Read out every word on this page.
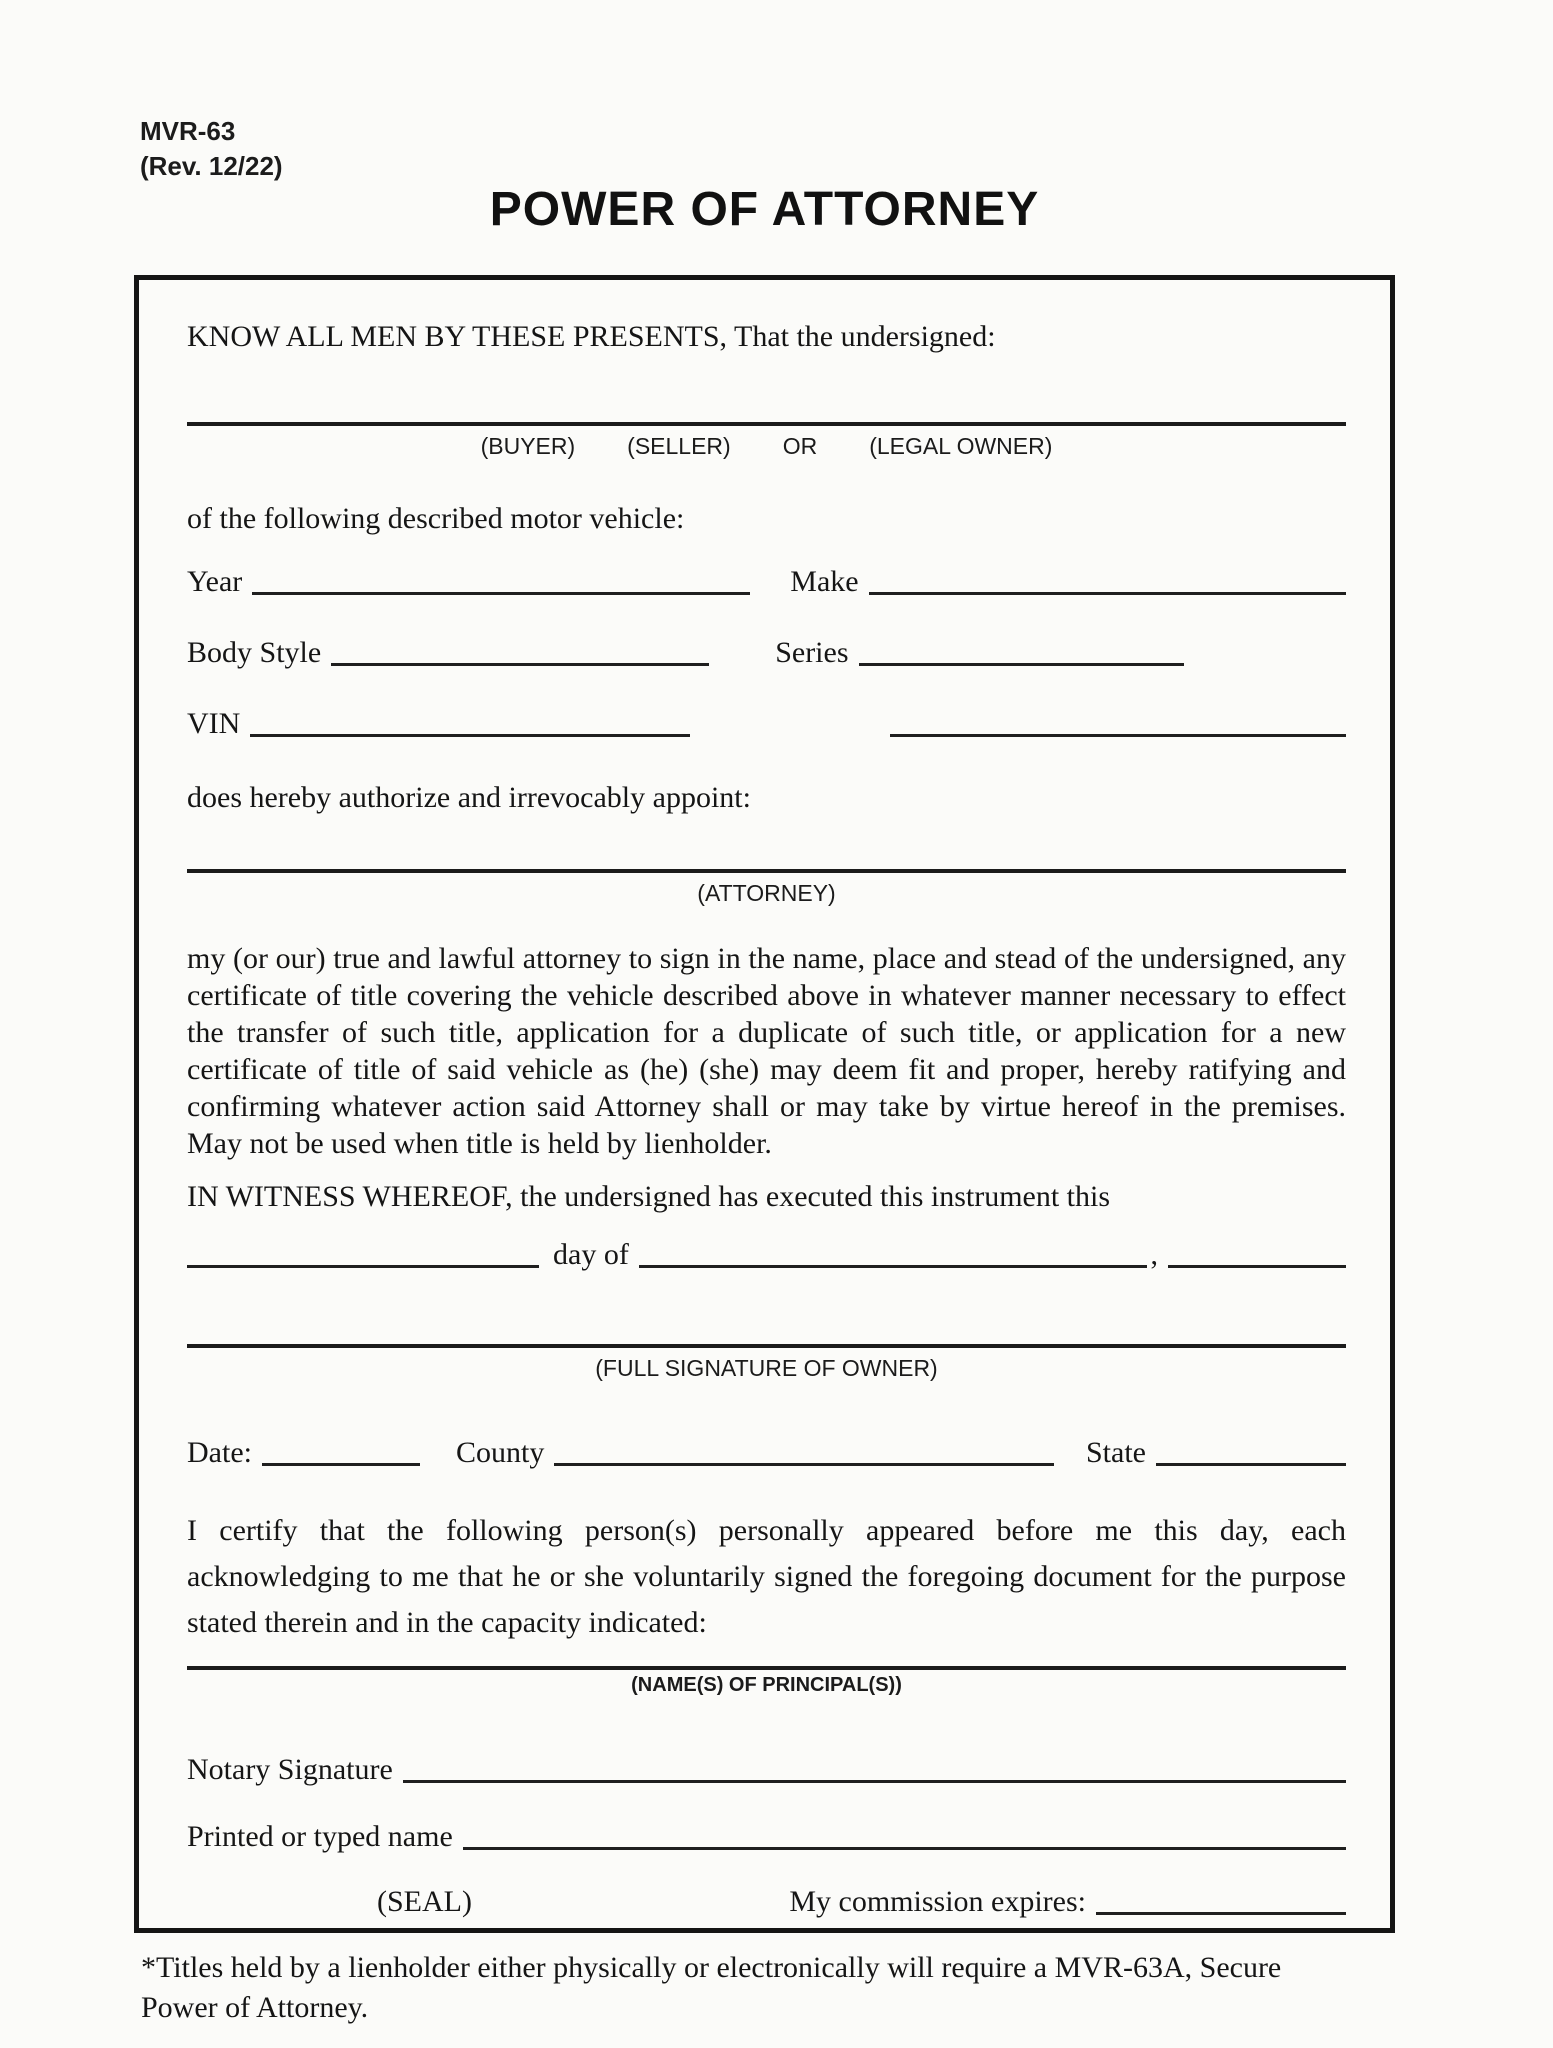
MVR-63
(Rev. 12/22)
POWER OF ATTORNEY
KNOW ALL MEN BY THESE PRESENTS, That the undersigned:
(BUYER) (SELLER) OR (LEGAL OWNER)
of the following described motor vehicle:
Year	Make
Body Style	Series
VIN
does hereby authorize and irrevocably appoint:
(ATTORNEY)
my (or our) true and lawful attorney to sign in the name, place and stead of the undersigned, any certificate of title covering the vehicle described above in whatever manner necessary to effect the transfer of such title, application for a duplicate of such title, or application for a new certificate of title of said vehicle as (he) (she) may deem fit and proper, hereby ratifying and confirming whatever action said Attorney shall or may take by virtue hereof in the premises. May not be used when title is held by lienholder.
IN WITNESS WHEREOF, the undersigned has executed this instrument this
day of	,
(FULL SIGNATURE OF OWNER)
Date:	County	State
I certify that the following person(s) personally appeared before me this day, each acknowledging to me that he or she voluntarily signed the foregoing document for the purpose stated therein and in the capacity indicated:
(NAME(S) OF PRINCIPAL(S))
Notary Signature
Printed or typed name
(SEAL)	My commission expires:
*Titles held by a lienholder either physically or electronically will require a MVR-63A, Secure
Power of Attorney.
